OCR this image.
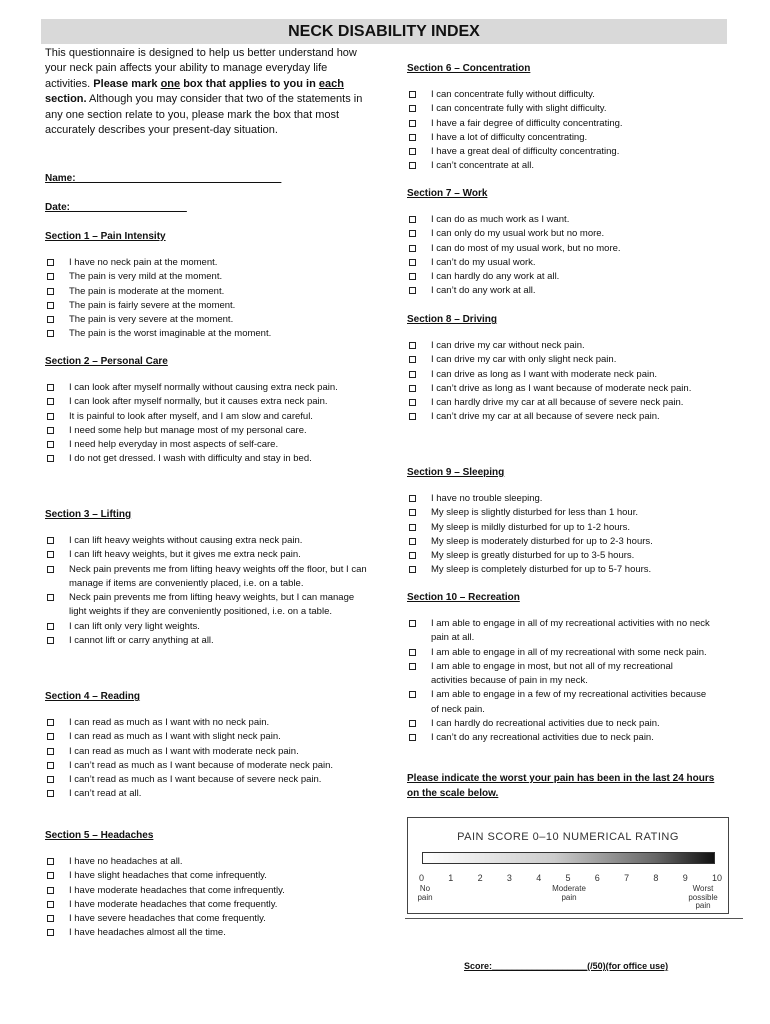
NECK DISABILITY INDEX
This questionnaire is designed to help us better understand how your neck pain affects your ability to manage everyday life activities. Please mark one box that applies to you in each section. Although you may consider that two of the statements in any one section relate to you, please mark the box that most accurately describes your present-day situation.
Name:_____________________________________
Date:_____________________
Please indicate the worst your pain has been in the last 24 hours on the scale below.
PAIN SCORE 0–10 NUMERICAL RATING
0	1	2	3	4	5	6	7	8	9	10
No pain
Moderate pain
Worst possible pain
Score:___________________(/50)(for office use)
Section 1 – Pain Intensity
I have no neck pain at the moment.
The pain is very mild at the moment.
The pain is moderate at the moment.
The pain is fairly severe at the moment.
The pain is very severe at the moment.
The pain is the worst imaginable at the moment.
Section 2 – Personal Care
I can look after myself normally without causing extra neck pain.
I can look after myself normally, but it causes extra neck pain.
It is painful to look after myself, and I am slow and careful.
I need some help but manage most of my personal care.
I need help everyday in most aspects of self-care.
I do not get dressed. I wash with difficulty and stay in bed.
Section 3 – Lifting
I can lift heavy weights without causing extra neck pain.
I can lift heavy weights, but it gives me extra neck pain.
Neck pain prevents me from lifting heavy weights off the floor, but I can manage if items are conveniently placed, i.e. on a table.
Neck pain prevents me from lifting heavy weights, but I can manage light weights if they are conveniently positioned, i.e. on a table.
I can lift only very light weights.
I cannot lift or carry anything at all.
Section 4 – Reading
I can read as much as I want with no neck pain.
I can read as much as I want with slight neck pain.
I can read as much as I want with moderate neck pain.
I can’t read as much as I want because of moderate neck pain.
I can’t read as much as I want because of severe neck pain.
I can’t read at all.
Section 5 – Headaches
I have no headaches at all.
I have slight headaches that come infrequently.
I have moderate headaches that come infrequently.
I have moderate headaches that come frequently.
I have severe headaches that come frequently.
I have headaches almost all the time.
Section 6 – Concentration
I can concentrate fully without difficulty.
I can concentrate fully with slight difficulty.
I have a fair degree of difficulty concentrating.
I have a lot of difficulty concentrating.
I have a great deal of difficulty concentrating.
I can’t concentrate at all.
Section 7 – Work
I can do as much work as I want.
I can only do my usual work but no more.
I can do most of my usual work, but no more.
I can’t do my usual work.
I can hardly do any work at all.
I can’t do any work at all.
Section 8 – Driving
I can drive my car without neck pain.
I can drive my car with only slight neck pain.
I can drive as long as I want with moderate neck pain.
I can’t drive as long as I want because of moderate neck pain.
I can hardly drive my car at all because of severe neck pain.
I can’t drive my car at all because of severe neck pain.
Section 9 – Sleeping
I have no trouble sleeping.
My sleep is slightly disturbed for less than 1 hour.
My sleep is mildly disturbed for up to 1-2 hours.
My sleep is moderately disturbed for up to 2-3 hours.
My sleep is greatly disturbed for up to 3-5 hours.
My sleep is completely disturbed for up to 5-7 hours.
Section 10 – Recreation
I am able to engage in all of my recreational activities with no neck pain at all.
I am able to engage in all of my recreational with some neck pain.
I am able to engage in most, but not all of my recreational activities because of pain in my neck.
I am able to engage in a few of my recreational activities because of neck pain.
I can hardly do recreational activities due to neck pain.
I can’t do any recreational activities due to neck pain.
